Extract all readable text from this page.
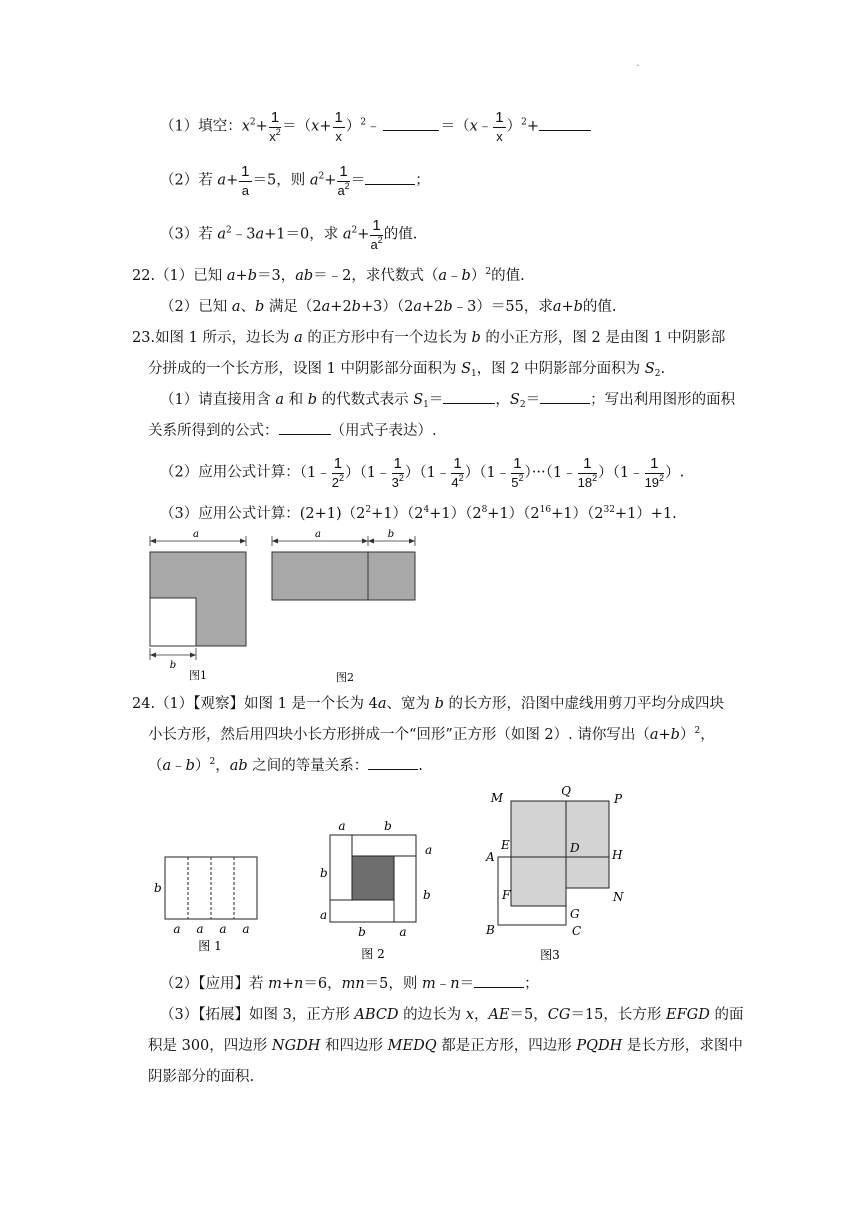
.
（1）填空：$x^2+ \frac{1}{x^2} =(x+ \frac{1}{x}$ ）$^2﹣$	＝（x﹣ $\frac{1}{x} )^2+$
（2）若 $a+ \frac{1}{a} =5$，则 $a^2+ \frac{1}{a^2}$ ＝	；
（3）若 $a^2﹣3a+1=0$，求 $a^2+ \frac{1}{a^2}$ 的值.
22.（1）已知 a+b＝3，ab＝﹣2，求代数式（a﹣b）$^2$的值.
（2）已知 a、b 满足（2a+2b+3）（2a+2b﹣3）＝55，求a+b的值.
23.如图 1 所示，边长为 a 的正方形中有一个边长为 b 的小正方形，图 2 是由图 1 中阴影部
分拼成的一个长方形，设图 1 中阴影部分面积为 $S_1$，图 2 中阴影部分面积为 $S_2$.
（1）请直接用含 a 和 b 的代数式表示 $S_1=$	，$S_2=$	；写出利用图形的面积
关系所得到的公式：	（用式子表达）.
（2）应用公式计算：（1﹣ $\frac{1}{2^2}$ ）（1﹣ $\frac{1}{3^2}$ ）（1﹣ $\frac{1}{4^2}$ ）（1﹣ $\frac{1}{5^2}$ ）···（1﹣ $\frac{1}{18^2}$ ）（1﹣ $\frac{1}{19^2}$ ）.
（3）应用公式计算：$(2+1)(2^2+1)(2^4+1)(2^8+1)(2^{16}+1)(2^{32}+1)+1$.
a
b
图1
a	b
图2
24.（1）【观察】如图 1 是一个长为 4a、宽为 b 的长方形，沿图中虚线用剪刀平均分成四块
小长方形，然后用四块小长方形拼成一个“回形”正方形（如图 2）. 请你写出$(a+b)^2$，
（a﹣b）$^2$，ab 之间的等量关系：	.
b
a a a a
图 1
a	b
a
b
b
a
b	a
图 2
M	Q
P
E	D	H
A
F
G
N
B	C
图3
（2）【应用】若 m+n＝6，mn＝5，则 m﹣n＝	；
（3）【拓展】如图 3，正方形 ABCD 的边长为 x，AE＝5，CG＝15，长方形 EFGD 的面
积是 300，四边形 NGDH 和四边形 MEDQ 都是正方形，四边形 PQDH 是长方形，求图中
阴影部分的面积.
